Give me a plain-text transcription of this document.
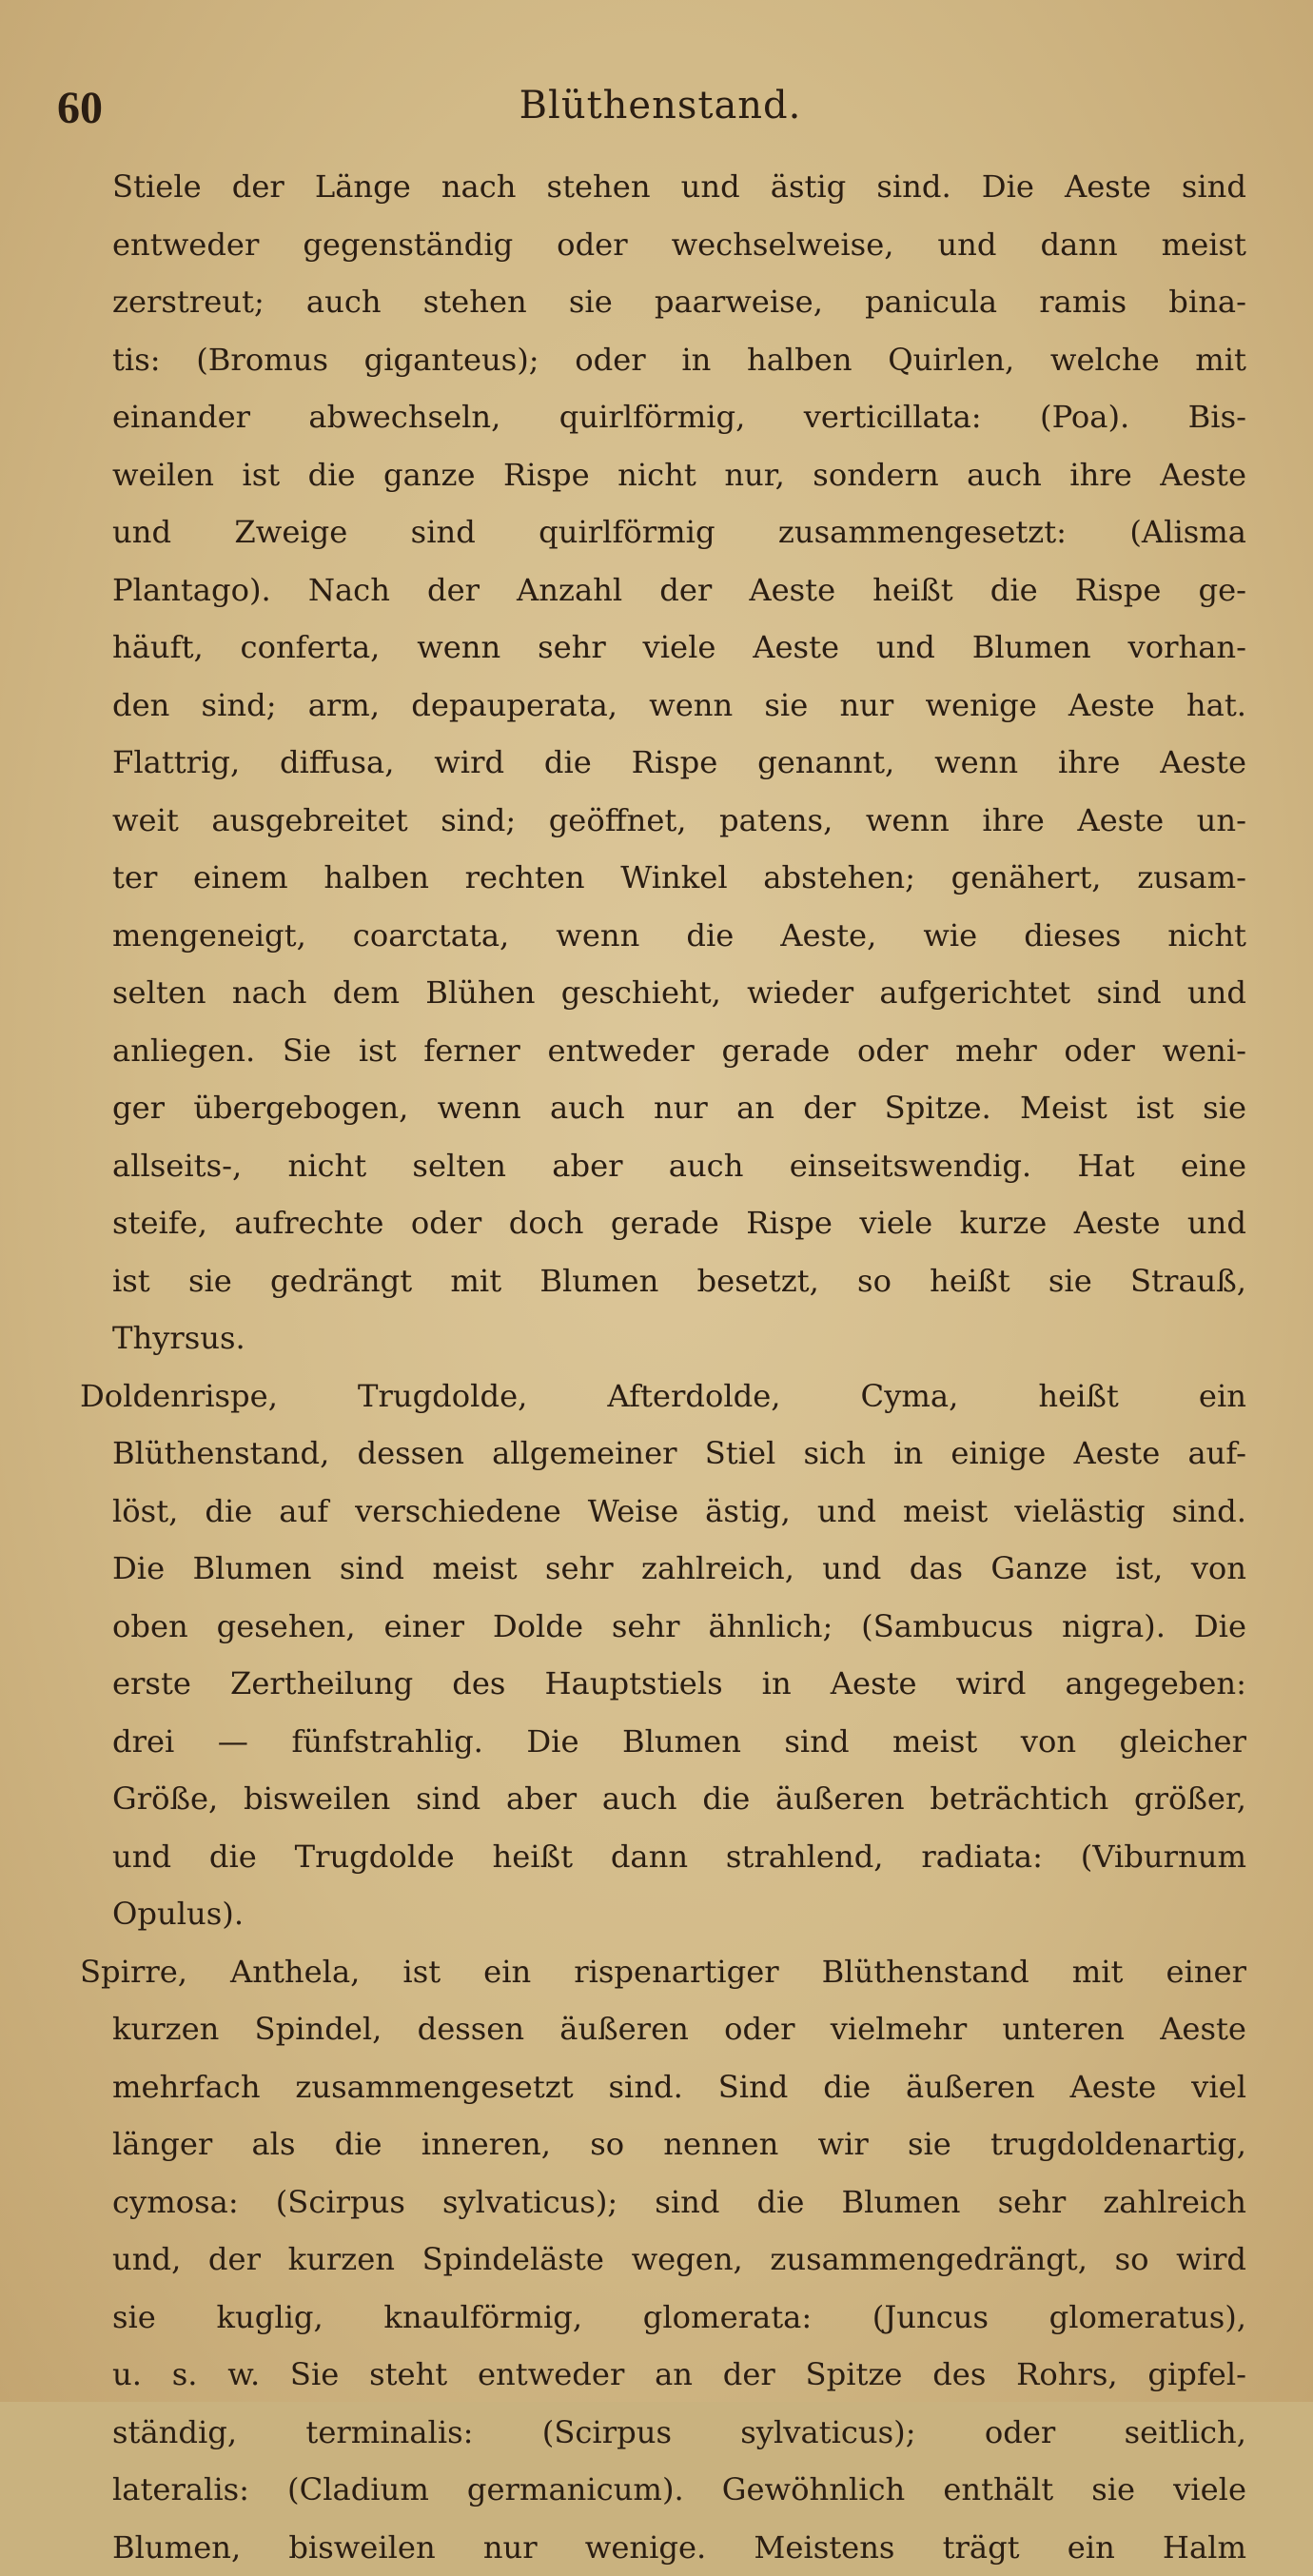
60	Blüthenstand.
Stiele der Länge nach stehen und ästig sind. Die Aeste sind
entweder gegenständig oder wechselweise, und dann meist
zerstreut; auch stehen sie paarweise, panicula ramis bina-
tis: (Bromus giganteus); oder in halben Quirlen, welche mit
einander abwechseln, quirlförmig, verticillata: (Poa). Bis-
weilen ist die ganze Rispe nicht nur, sondern auch ihre Aeste
und Zweige sind quirlförmig zusammengesetzt: (Alisma
Plantago). Nach der Anzahl der Aeste heißt die Rispe ge-
häuft, conferta, wenn sehr viele Aeste und Blumen vorhan-
den sind; arm, depauperata, wenn sie nur wenige Aeste hat.
Flattrig, diffusa, wird die Rispe genannt, wenn ihre Aeste
weit ausgebreitet sind; geöffnet, patens, wenn ihre Aeste un-
ter einem halben rechten Winkel abstehen; genähert, zusam-
mengeneigt, coarctata, wenn die Aeste, wie dieses nicht
selten nach dem Blühen geschieht, wieder aufgerichtet sind und
anliegen. Sie ist ferner entweder gerade oder mehr oder weni-
ger übergebogen, wenn auch nur an der Spitze. Meist ist sie
allseits-, nicht selten aber auch einseitswendig. Hat eine
steife, aufrechte oder doch gerade Rispe viele kurze Aeste und
ist sie gedrängt mit Blumen besetzt, so heißt sie Strauß,
Thyrsus.
Doldenrispe, Trugdolde, Afterdolde, Cyma, heißt ein
Blüthenstand, dessen allgemeiner Stiel sich in einige Aeste auf-
löst, die auf verschiedene Weise ästig, und meist vielästig sind.
Die Blumen sind meist sehr zahlreich, und das Ganze ist, von
oben gesehen, einer Dolde sehr ähnlich; (Sambucus nigra). Die
erste Zertheilung des Hauptstiels in Aeste wird angegeben:
drei — fünfstrahlig. Die Blumen sind meist von gleicher
Größe, bisweilen sind aber auch die äußeren beträchtich größer,
und die Trugdolde heißt dann strahlend, radiata: (Viburnum
Opulus).
Spirre, Anthela, ist ein rispenartiger Blüthenstand mit einer
kurzen Spindel, dessen äußeren oder vielmehr unteren Aeste
mehrfach zusammengesetzt sind. Sind die äußeren Aeste viel
länger als die inneren, so nennen wir sie trugdoldenartig,
cymosa: (Scirpus sylvaticus); sind die Blumen sehr zahlreich
und, der kurzen Spindeläste wegen, zusammengedrängt, so wird
sie kuglig, knaulförmig, glomerata: (Juncus glomeratus),
u. s. w. Sie steht entweder an der Spitze des Rohrs, gipfel-
ständig, terminalis: (Scirpus sylvaticus); oder seitlich,
lateralis: (Cladium germanicum). Gewöhnlich enthält sie viele
Blumen, bisweilen nur wenige. Meistens trägt ein Halm
